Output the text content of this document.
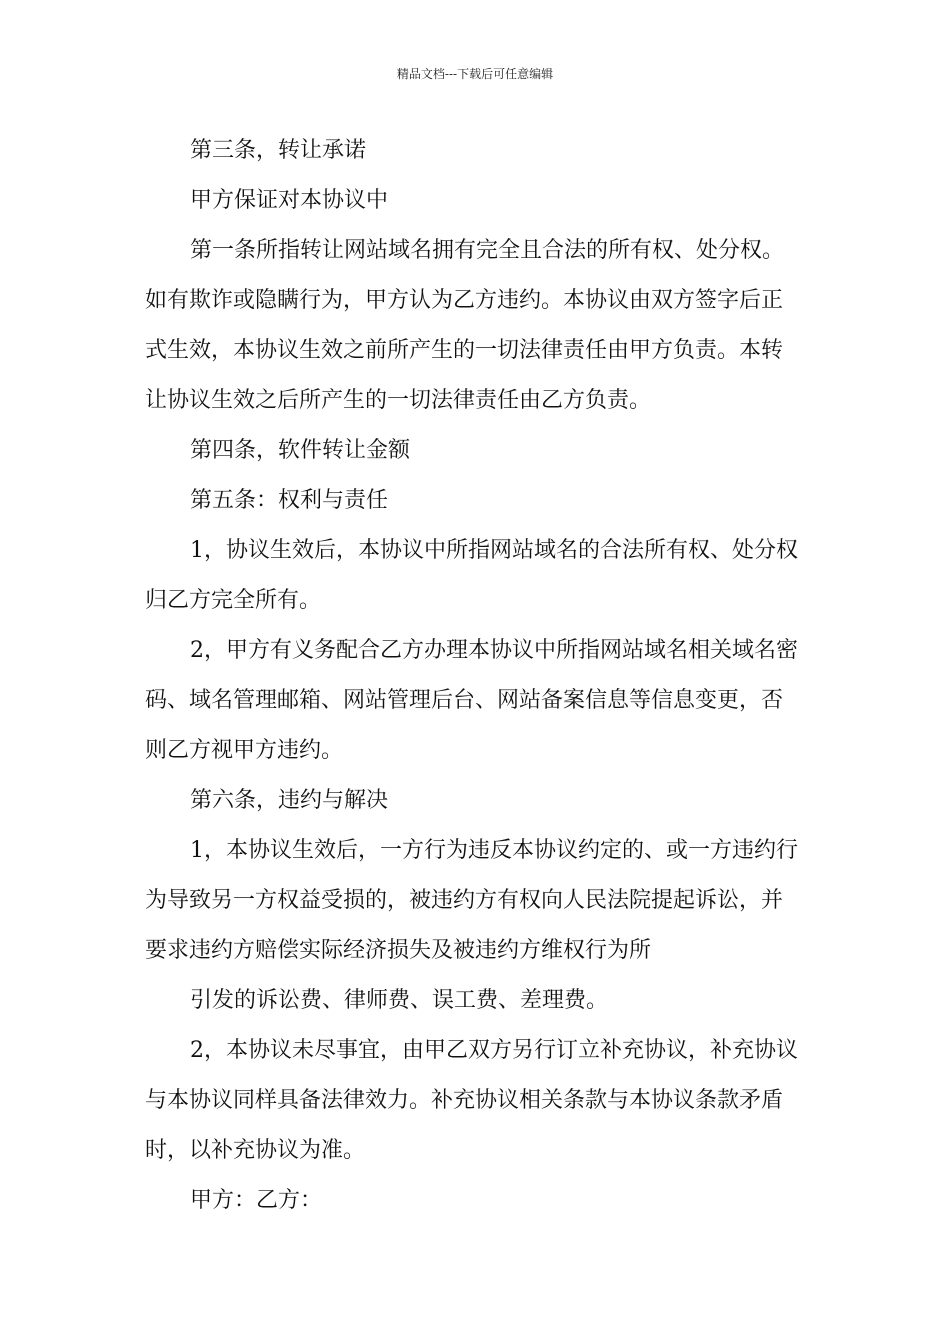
精品文档---下载后可任意编辑
第三条，转让承诺
甲方保证对本协议中
第一条所指转让网站域名拥有完全且合法的所有权、处分权。
如有欺诈或隐瞒行为，甲方认为乙方违约。本协议由双方签字后正
式生效，本协议生效之前所产生的一切法律责任由甲方负责。本转
让协议生效之后所产生的一切法律责任由乙方负责。
第四条，软件转让金额
第五条：权利与责任
1，协议生效后，本协议中所指网站域名的合法所有权、处分权
归乙方完全所有。
2，甲方有义务配合乙方办理本协议中所指网站域名相关域名密
码、域名管理邮箱、网站管理后台、网站备案信息等信息变更，否
则乙方视甲方违约。
第六条，违约与解决
1，本协议生效后，一方行为违反本协议约定的、或一方违约行
为导致另一方权益受损的，被违约方有权向人民法院提起诉讼，并
要求违约方赔偿实际经济损失及被违约方维权行为所
引发的诉讼费、律师费、误工费、差理费。
2，本协议未尽事宜，由甲乙双方另行订立补充协议，补充协议
与本协议同样具备法律效力。补充协议相关条款与本协议条款矛盾
时，以补充协议为准。
甲方：乙方：
